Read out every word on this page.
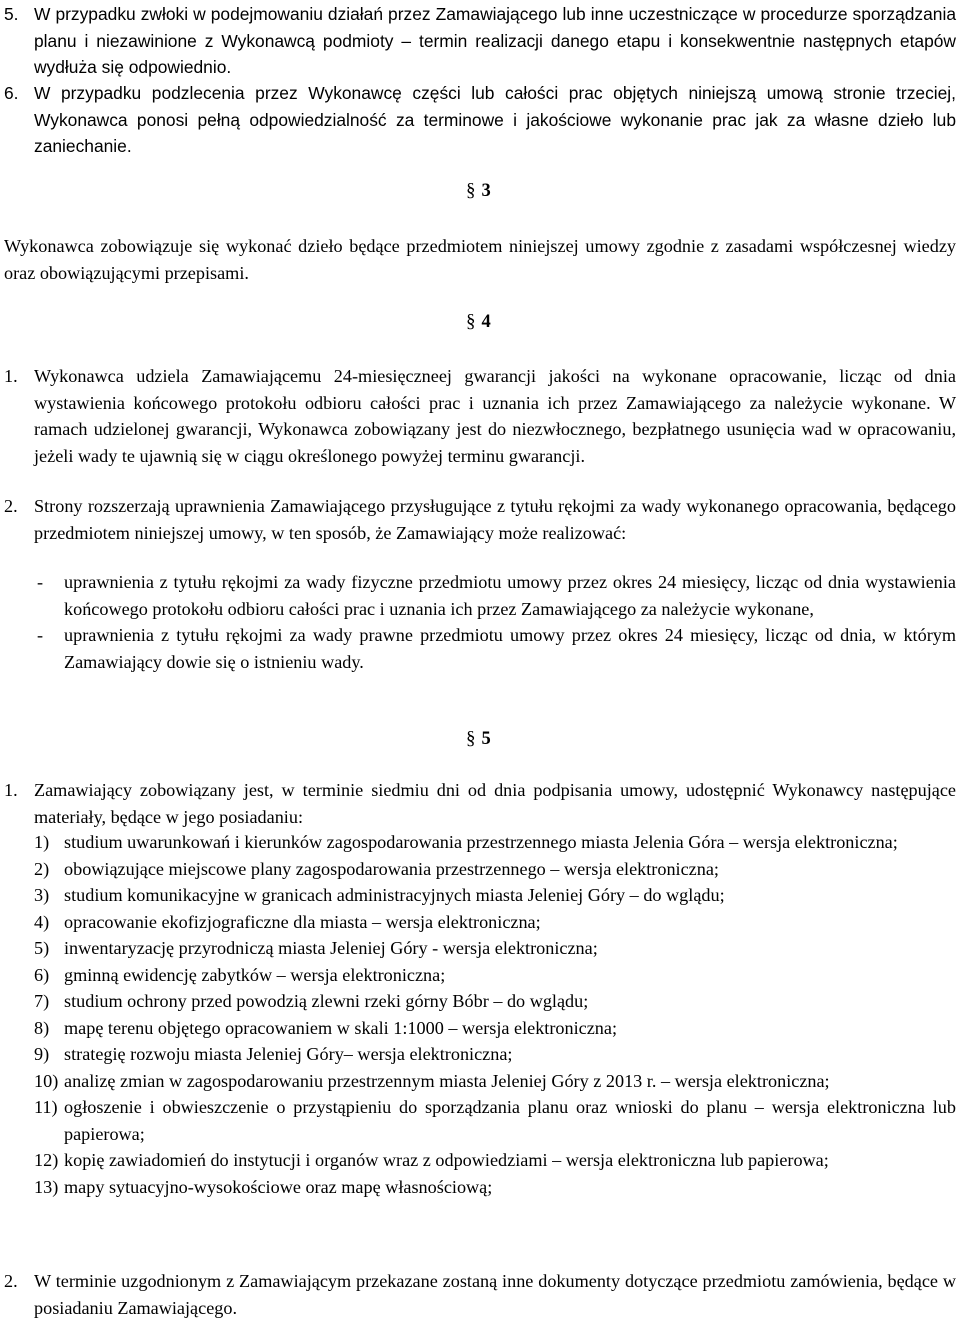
5. W przypadku zwłoki w podejmowaniu działań przez Zamawiającego lub inne uczestniczące w procedurze sporządzania planu i niezawinione z Wykonawcą podmioty – termin realizacji danego etapu i konsekwentnie następnych etapów wydłuża się odpowiednio.

6. W przypadku podzlecenia przez Wykonawcę części lub całości prac objętych niniejszą umową stronie trzeciej, Wykonawca ponosi pełną odpowiedzialność za terminowe i jakościowe wykonanie prac jak za własne dzieło lub zaniechanie.

§ 3

Wykonawca zobowiązuje się wykonać dzieło będące przedmiotem niniejszej umowy zgodnie z zasadami współczesnej wiedzy oraz obowiązującymi przepisami.

§ 4

1. Wykonawca udziela Zamawiającemu 24-miesięczneej gwarancji jakości na wykonane opracowanie, licząc od dnia wystawienia końcowego protokołu odbioru całości prac i uznania ich przez Zamawiającego za należycie wykonane. W ramach udzielonej gwarancji, Wykonawca zobowiązany jest do niezwłocznego, bezpłatnego usunięcia wad w opracowaniu, jeżeli wady te ujawnią się w ciągu określonego powyżej terminu gwarancji.

2. Strony rozszerzają uprawnienia Zamawiającego przysługujące z tytułu rękojmi za wady wykonanego opracowania, będącego przedmiotem niniejszej umowy, w ten sposób, że Zamawiający może realizować:

- uprawnienia z tytułu rękojmi za wady fizyczne przedmiotu umowy przez okres 24 miesięcy, licząc od dnia wystawienia końcowego protokołu odbioru całości prac i uznania ich przez Zamawiającego za należycie wykonane,
- uprawnienia z tytułu rękojmi za wady prawne przedmiotu umowy przez okres 24 miesięcy, licząc od dnia, w którym Zamawiający dowie się o istnieniu wady.
§ 5

1. Zamawiający zobowiązany jest, w terminie siedmiu dni od dnia podpisania umowy, udostępnić Wykonawcy następujące materiały, będące w jego posiadaniu:

1) studium uwarunkowań i kierunków zagospodarowania przestrzennego miasta Jelenia Góra – wersja elektroniczna;
2) obowiązujące miejscowe plany zagospodarowania przestrzennego – wersja elektroniczna;
3) studium komunikacyjne w granicach administracyjnych miasta Jeleniej Góry – do wglądu;
4) opracowanie ekofizjograficzne dla miasta – wersja elektroniczna;
5) inwentaryzację przyrodniczą miasta Jeleniej Góry - wersja elektroniczna;
6) gminną ewidencję zabytków – wersja elektroniczna;
7) studium ochrony przed powodzią zlewni rzeki górny Bóbr – do wglądu;
8) mapę terenu objętego opracowaniem w skali 1:1000 – wersja elektroniczna;
9) strategię rozwoju miasta Jeleniej Góry– wersja elektroniczna;
10) analizę zmian w zagospodarowaniu przestrzennym miasta Jeleniej Góry z 2013 r. – wersja elektroniczna;
11) ogłoszenie i obwieszczenie o przystąpieniu do sporządzania planu oraz wnioski do planu – wersja elektroniczna lub papierowa;
12) kopię zawiadomień do instytucji i organów wraz z odpowiedziami – wersja elektroniczna lub papierowa;
13) mapy sytuacyjno-wysokościowe oraz mapę własnościową;

2. W terminie uzgodnionym z Zamawiającym przekazane zostaną inne dokumenty dotyczące przedmiotu zamówienia, będące w posiadaniu Zamawiającego.
